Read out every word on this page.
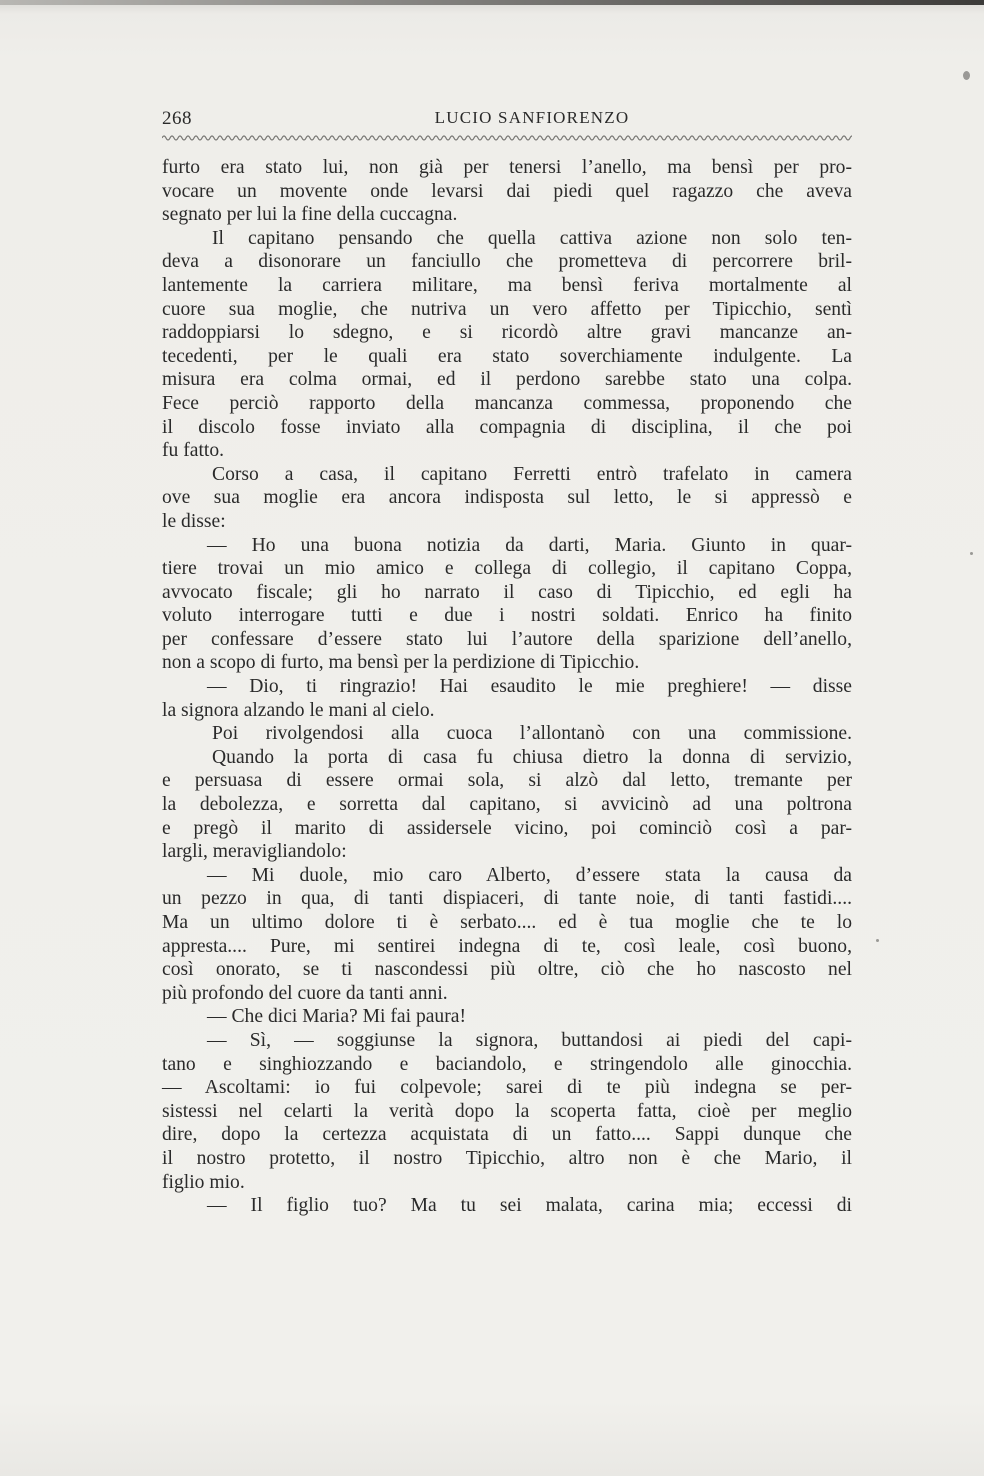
268	LUCIO SANFIORENZO
furto era stato lui, non già per tenersi l’anello, ma bensì per pro-
vocare un movente onde levarsi dai piedi quel ragazzo che aveva
segnato per lui la fine della cuccagna.
Il capitano pensando che quella cattiva azione non solo ten-
deva a disonorare un fanciullo che prometteva di percorrere bril-
lantemente la carriera militare, ma bensì feriva mortalmente al
cuore sua moglie, che nutriva un vero affetto per Tipicchio, sentì
raddoppiarsi lo sdegno, e si ricordò altre gravi mancanze an-
tecedenti, per le quali era stato soverchiamente indulgente. La
misura era colma ormai, ed il perdono sarebbe stato una colpa.
Fece perciò rapporto della mancanza commessa, proponendo che
il discolo fosse inviato alla compagnia di disciplina, il che poi
fu fatto.
Corso a casa, il capitano Ferretti entrò trafelato in camera
ove sua moglie era ancora indisposta sul letto, le si appressò e
le disse:
— Ho una buona notizia da darti, Maria. Giunto in quar-
tiere trovai un mio amico e collega di collegio, il capitano Coppa,
avvocato fiscale; gli ho narrato il caso di Tipicchio, ed egli ha
voluto interrogare tutti e due i nostri soldati. Enrico ha finito
per confessare d’essere stato lui l’autore della sparizione dell’anello,
non a scopo di furto, ma bensì per la perdizione di Tipicchio.
— Dio, ti ringrazio! Hai esaudito le mie preghiere! — disse
la signora alzando le mani al cielo.
Poi rivolgendosi alla cuoca l’allontanò con una commissione.
Quando la porta di casa fu chiusa dietro la donna di servizio,
e persuasa di essere ormai sola, si alzò dal letto, tremante per
la debolezza, e sorretta dal capitano, si avvicinò ad una poltrona
e pregò il marito di assidersele vicino, poi cominciò così a par-
largli, meravigliandolo:
— Mi duole, mio caro Alberto, d’essere stata la causa da
un pezzo in qua, di tanti dispiaceri, di tante noie, di tanti fastidi....
Ma un ultimo dolore ti è serbato.... ed è tua moglie che te lo
appresta.... Pure, mi sentirei indegna di te, così leale, così buono,
così onorato, se ti nascondessi più oltre, ciò che ho nascosto nel
più profondo del cuore da tanti anni.
— Che dici Maria? Mi fai paura!
— Sì, — soggiunse la signora, buttandosi ai piedi del capi-
tano e singhiozzando e baciandolo, e stringendolo alle ginocchia.
— Ascoltami: io fui colpevole; sarei di te più indegna se per-
sistessi nel celarti la verità dopo la scoperta fatta, cioè per meglio
dire, dopo la certezza acquistata di un fatto.... Sappi dunque che
il nostro protetto, il nostro Tipicchio, altro non è che Mario, il
figlio mio.
— Il figlio tuo? Ma tu sei malata, carina mia; eccessi di
